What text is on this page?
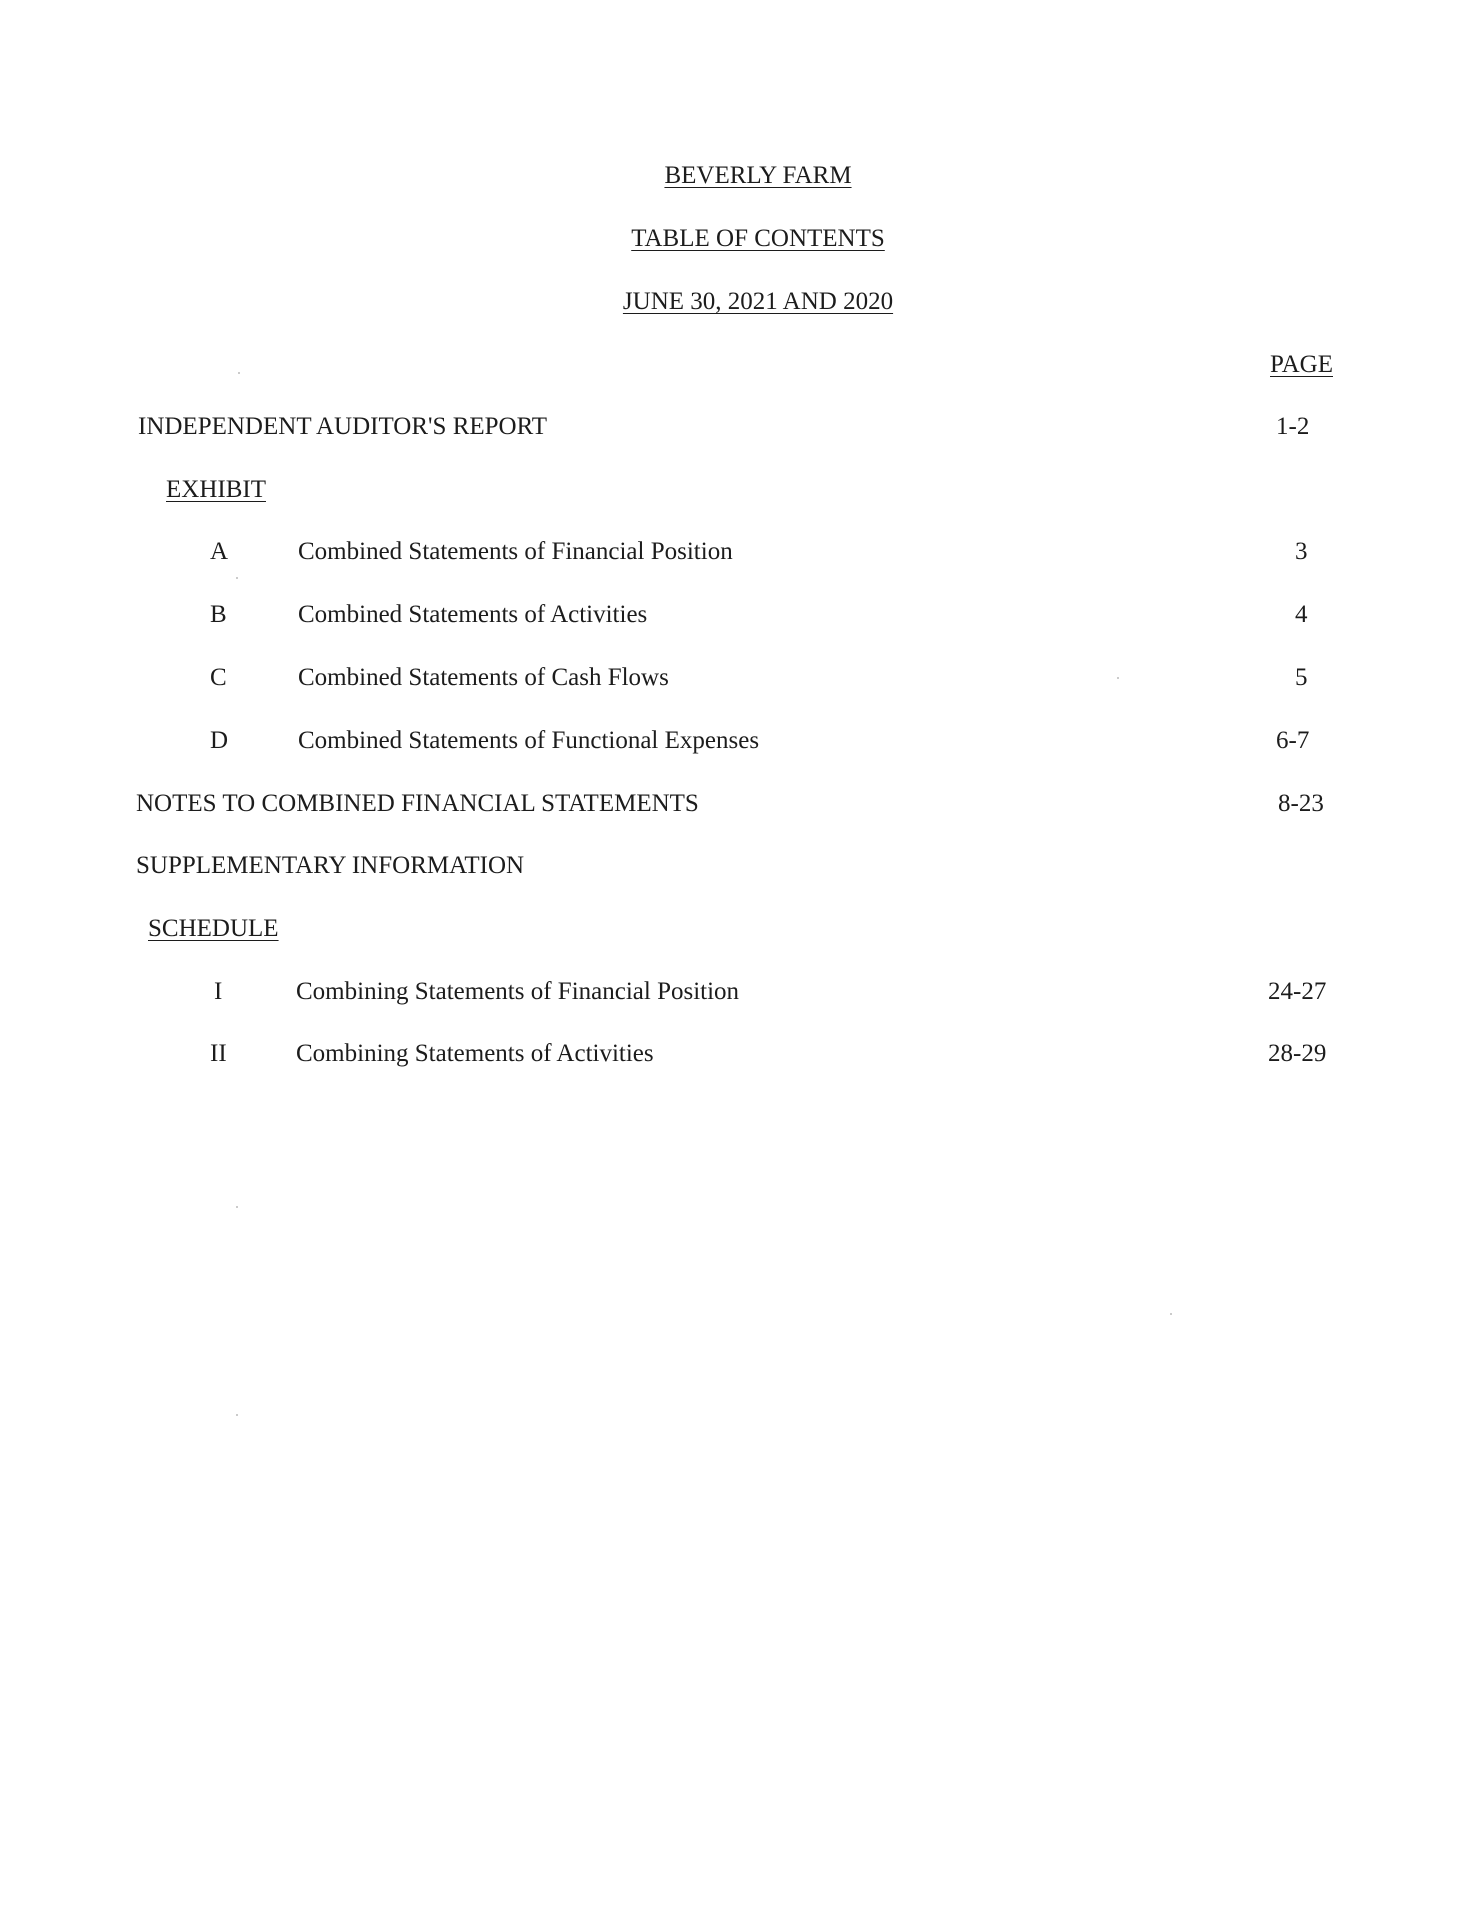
BEVERLY FARM
TABLE OF CONTENTS
JUNE 30, 2021 AND 2020
PAGE
INDEPENDENT AUDITOR'S REPORT	1-2
EXHIBIT
A	Combined Statements of Financial Position	3
B	Combined Statements of Activities	4
C	Combined Statements of Cash Flows	5
D	Combined Statements of Functional Expenses	6-7
NOTES TO COMBINED FINANCIAL STATEMENTS	8-23
SUPPLEMENTARY INFORMATION
SCHEDULE
I	Combining Statements of Financial Position	24-27
II	Combining Statements of Activities	28-29
